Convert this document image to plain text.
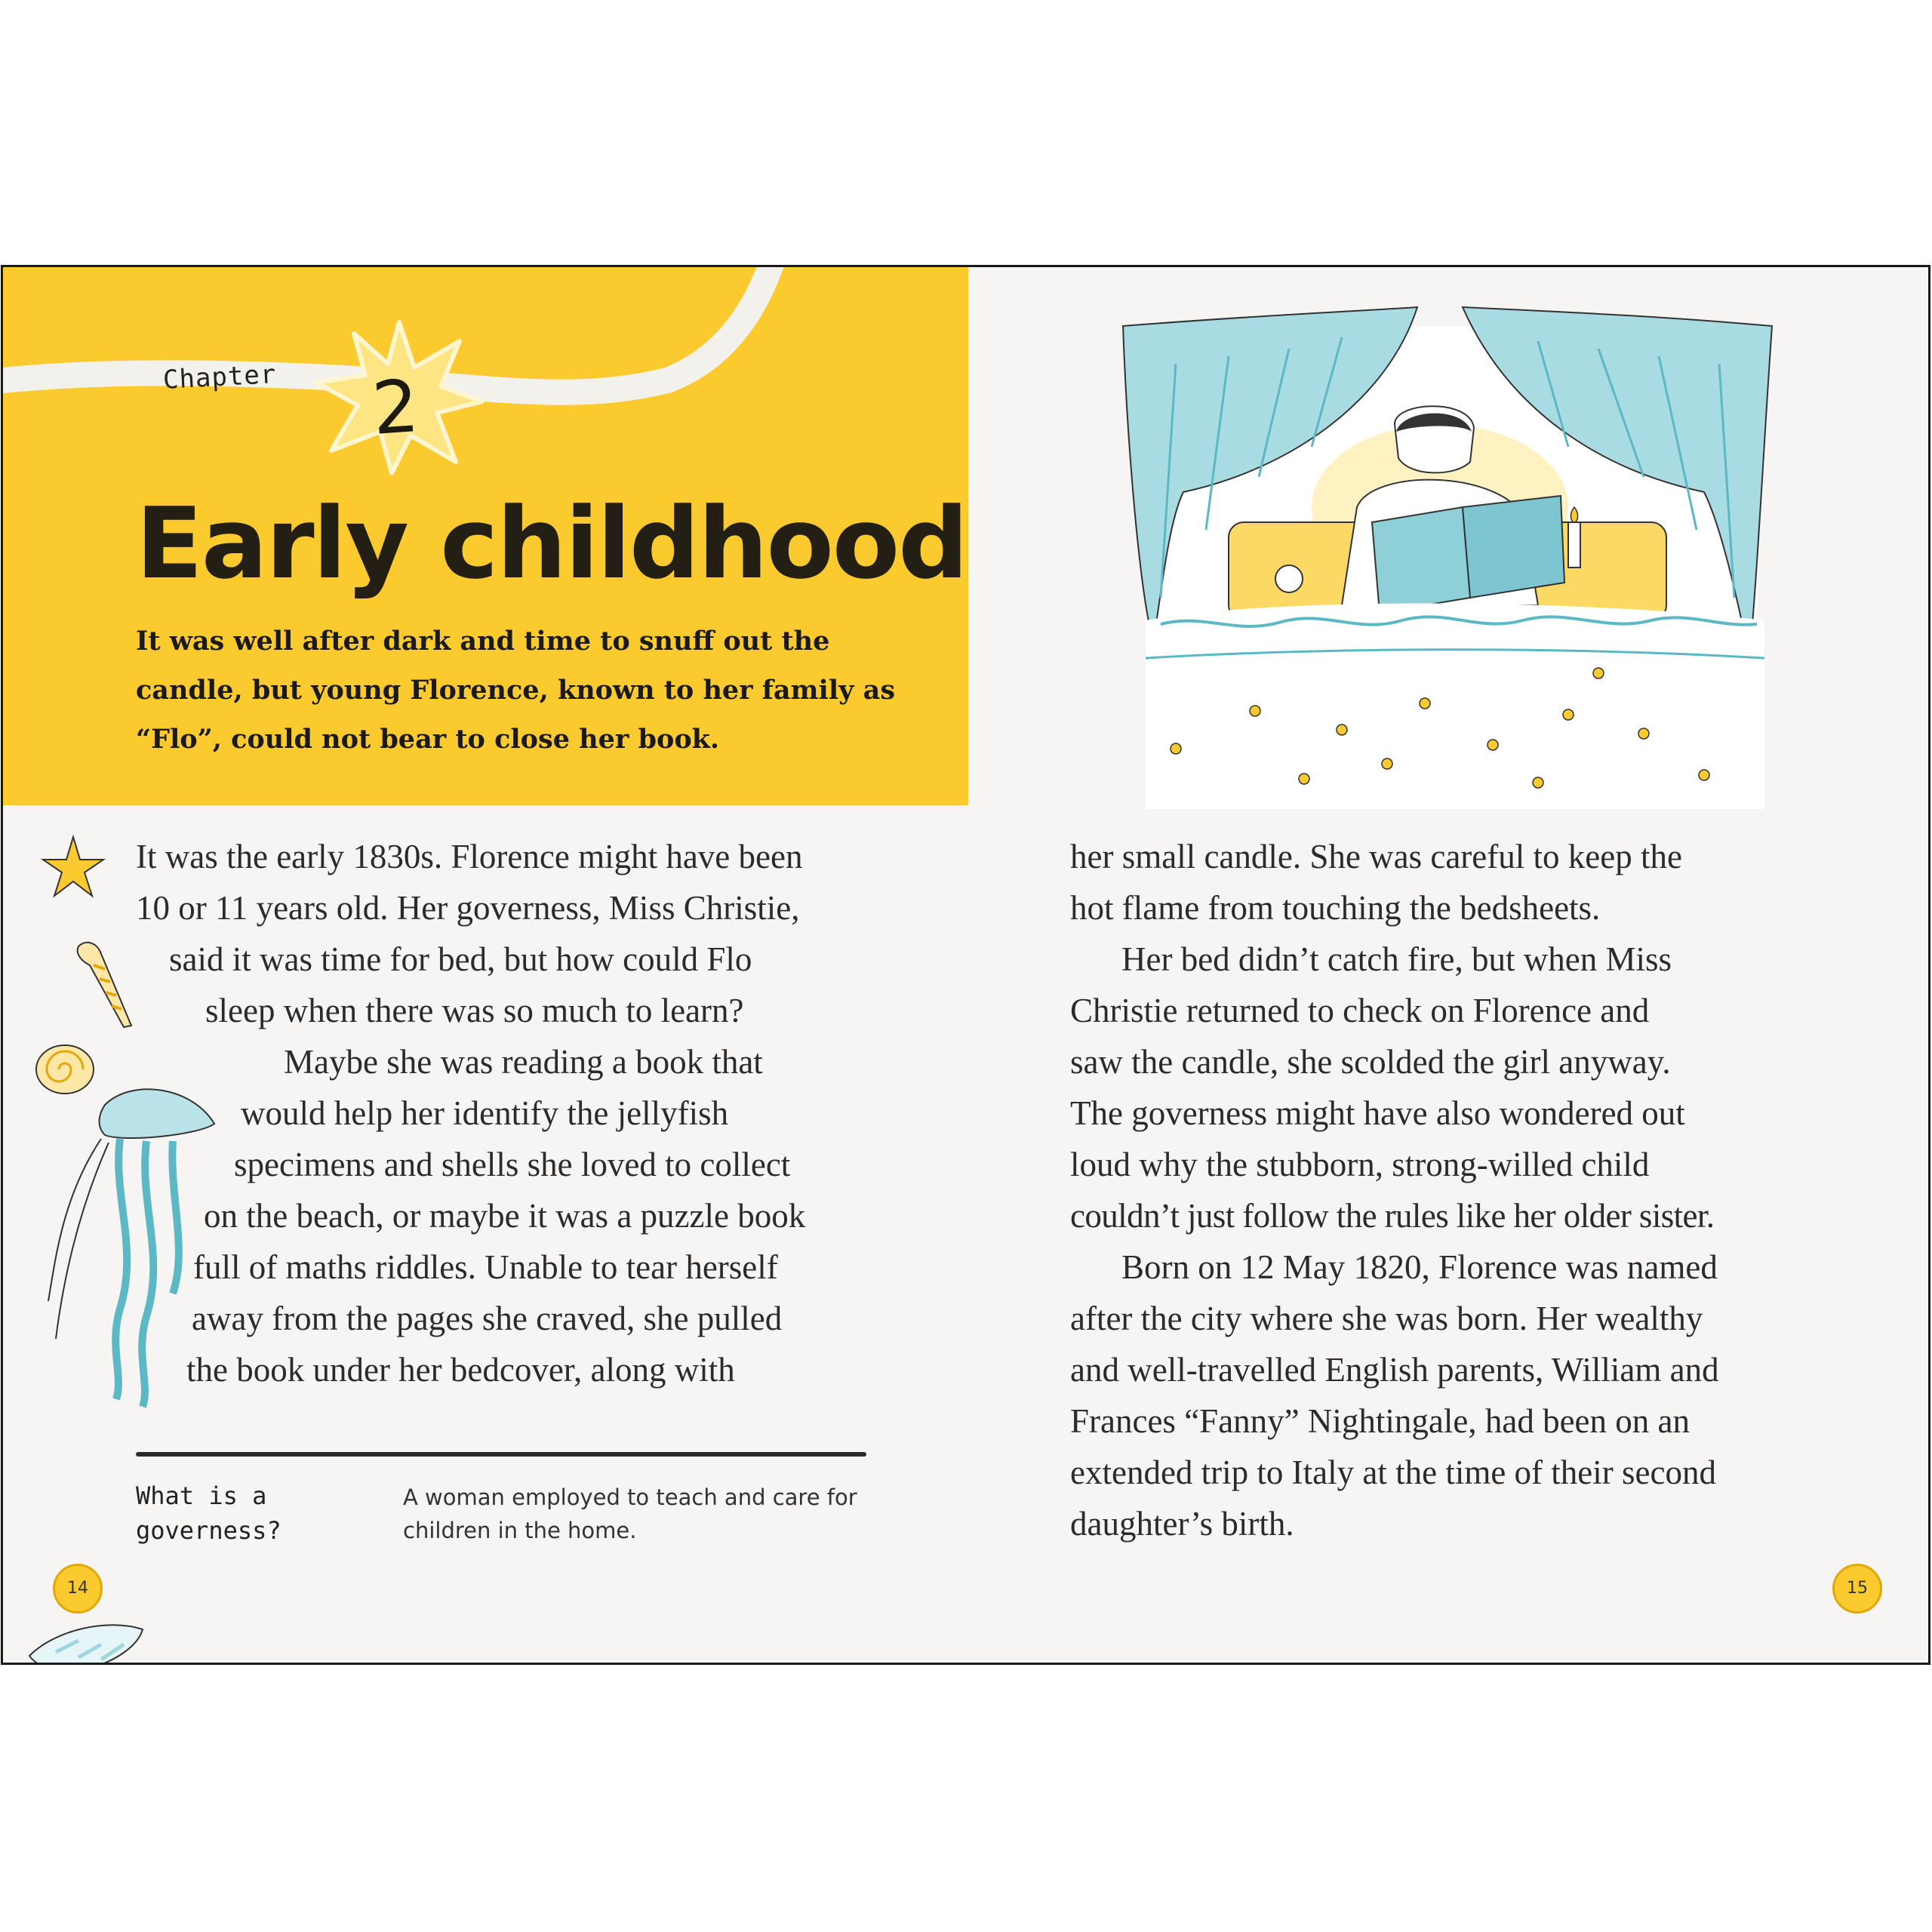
Chapter 2
Early childhood

It was well after dark and time to snuff out the candle, but young Florence, known to her family as “Flo”, could not bear to close her book.

It was the early 1830s. Florence might have been

10 or 11 years old. Her governess, Miss Christie,

said it was time for bed, but how could Flo

sleep when there was so much to learn?

Maybe she was reading a book that

would help her identify the jellyfish

specimens and shells she loved to collect

on the beach, or maybe it was a puzzle book

full of maths riddles. Unable to tear herself

away from the pages she craved, she pulled

the book under her bedcover, along with

What is a governess?

A woman employed to teach and care for children in the home.

14	15

her small candle. She was careful to keep the

hot flame from touching the bedsheets.

Her bed didn’t catch fire, but when Miss

Christie returned to check on Florence and

saw the candle, she scolded the girl anyway.

The governess might have also wondered out

loud why the stubborn, strong-willed child

couldn’t just follow the rules like her older sister.

Born on 12 May 1820, Florence was named

after the city where she was born. Her wealthy

and well-travelled English parents, William and

Frances “Fanny” Nightingale, had been on an

extended trip to Italy at the time of their second

daughter’s birth.
